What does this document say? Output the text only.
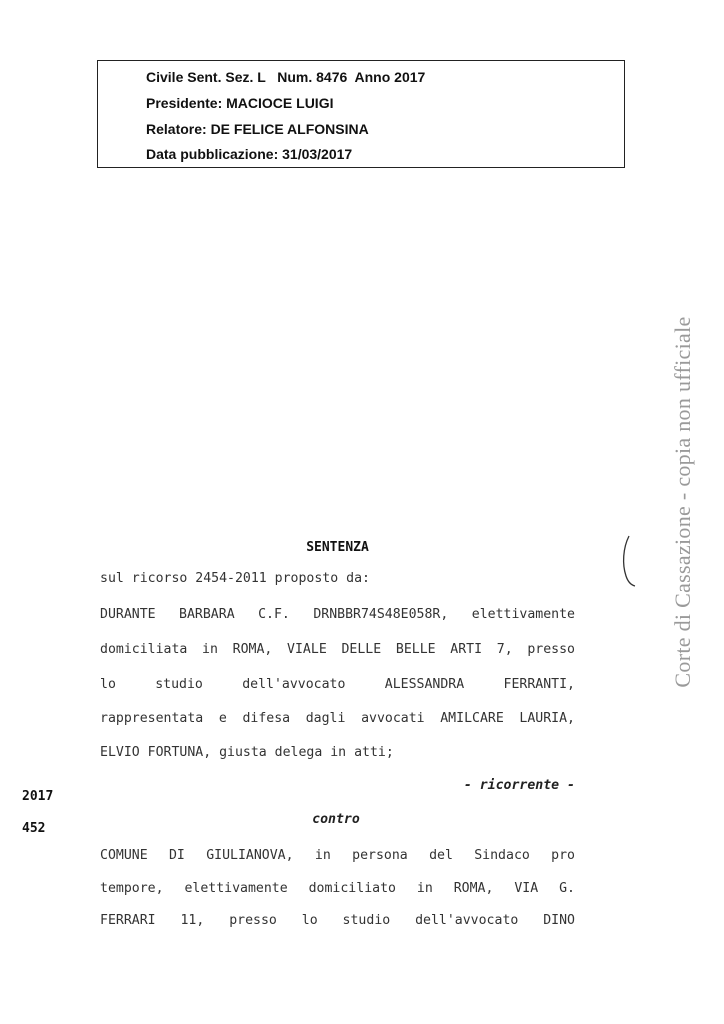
Civile Sent. Sez. L   Num. 8476  Anno 2017
Presidente: MACIOCE LUIGI
Relatore: DE FELICE ALFONSINA
Data pubblicazione: 31/03/2017
Corte di Cassazione - copia non ufficiale
SENTENZA
sul ricorso 2454-2011 proposto da:
DURANTE BARBARA C.F. DRNBBR74S48E058R, elettivamente
domiciliata in ROMA, VIALE DELLE BELLE ARTI 7, presso
lo studio dell'avvocato ALESSANDRA FERRANTI,
rappresentata e difesa dagli avvocati AMILCARE LAURIA,
ELVIO FORTUNA, giusta delega in atti;
- ricorrente -
2017
452
contro
COMUNE DI GIULIANOVA, in persona del Sindaco pro
tempore, elettivamente domiciliato in ROMA, VIA G.
FERRARI 11, presso lo studio dell'avvocato DINO
